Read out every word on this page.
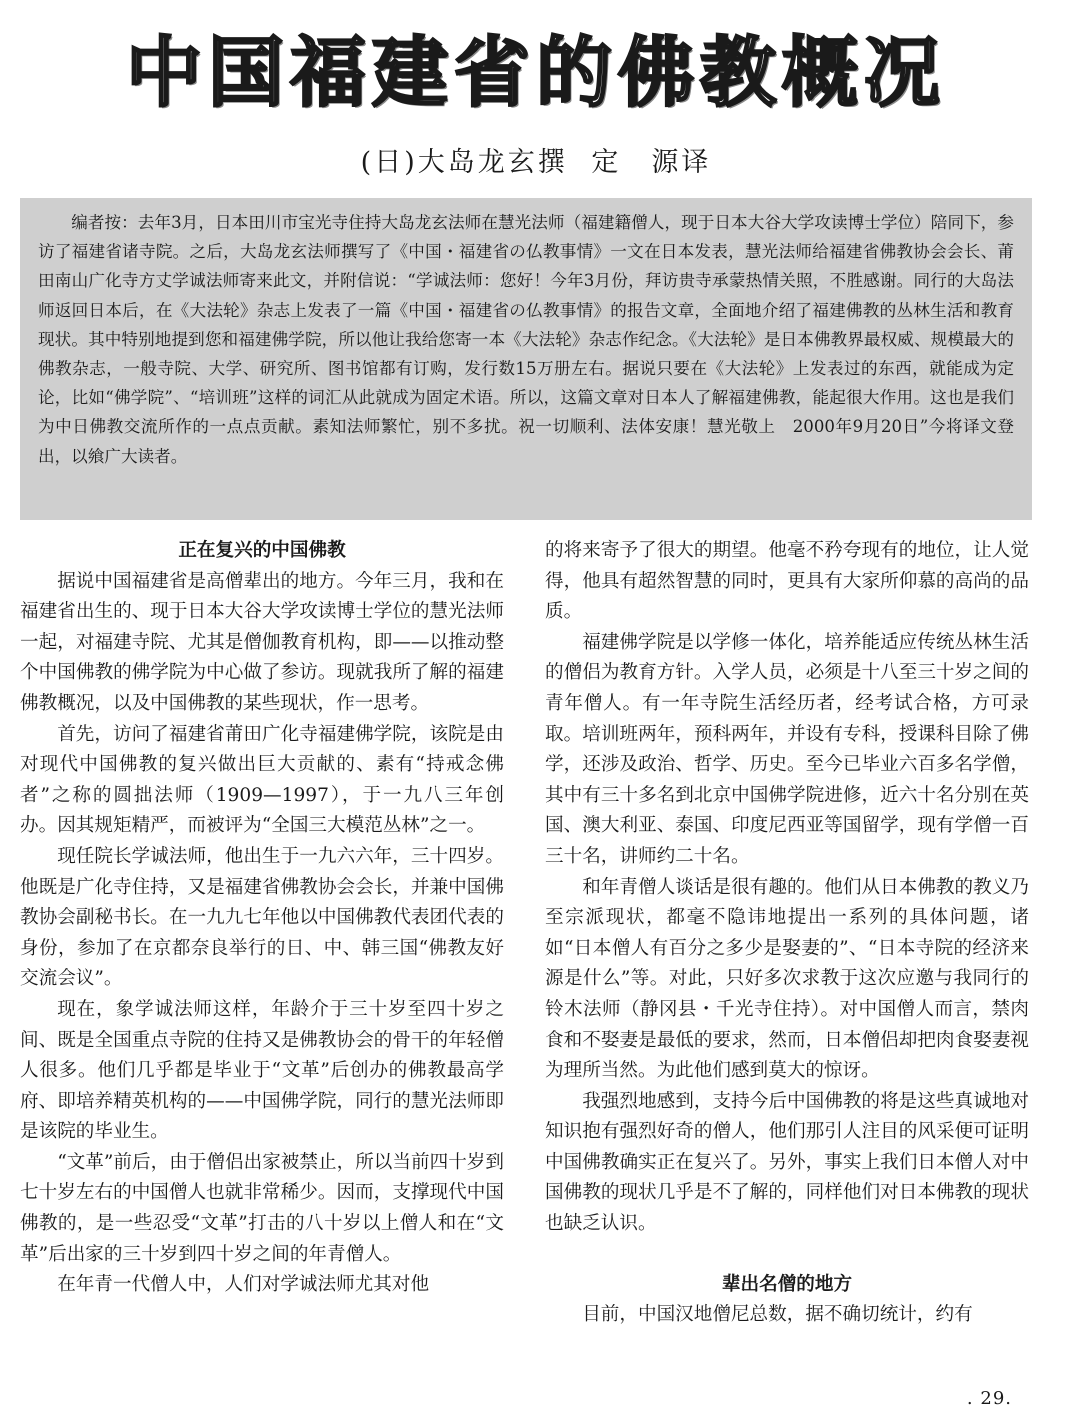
中国福建省的佛教概况
(日)大岛龙玄撰 定　源译
编者按：去年3月，日本田川市宝光寺住持大岛龙玄法师在慧光法师（福建籍僧人，现于日本大谷大学攻读博士学位）陪同下，参访了福建省诸寺院。之后，大岛龙玄法师撰写了《中国・福建省の仏教事情》一文在日本发表，慧光法师给福建省佛教协会会长、莆田南山广化寺方丈学诚法师寄来此文，并附信说：“学诚法师：您好！今年3月份，拜访贵寺承蒙热情关照，不胜感谢。同行的大岛法师返回日本后，在《大法轮》杂志上发表了一篇《中国・福建省の仏教事情》的报告文章，全面地介绍了福建佛教的丛林生活和教育现状。其中特别地提到您和福建佛学院，所以他让我给您寄一本《大法轮》杂志作纪念。《大法轮》是日本佛教界最权威、规模最大的佛教杂志，一般寺院、大学、研究所、图书馆都有订购，发行数15万册左右。据说只要在《大法轮》上发表过的东西，就能成为定论，比如“佛学院”、“培训班”这样的词汇从此就成为固定术语。所以，这篇文章对日本人了解福建佛教，能起很大作用。这也是我们为中日佛教交流所作的一点点贡献。素知法师繁忙，别不多扰。祝一切顺利、法体安康！慧光敬上　2000年9月20日”今将译文登出，以飨广大读者。
正在复兴的中国佛教

据说中国福建省是高僧辈出的地方。今年三月，我和在福建省出生的、现于日本大谷大学攻读博士学位的慧光法师一起，对福建寺院、尤其是僧伽教育机构，即——以推动整个中国佛教的佛学院为中心做了参访。现就我所了解的福建佛教概况，以及中国佛教的某些现状，作一思考。

首先，访问了福建省莆田广化寺福建佛学院，该院是由对现代中国佛教的复兴做出巨大贡献的、素有“持戒念佛者”之称的圆拙法师（1909—1997），于一九八三年创办。因其规矩精严，而被评为“全国三大模范丛林”之一。

现任院长学诚法师，他出生于一九六六年，三十四岁。他既是广化寺住持，又是福建省佛教协会会长，并兼中国佛教协会副秘书长。在一九九七年他以中国佛教代表团代表的身份，参加了在京都奈良举行的日、中、韩三国“佛教友好交流会议”。

现在，象学诚法师这样，年龄介于三十岁至四十岁之间、既是全国重点寺院的住持又是佛教协会的骨干的年轻僧人很多。他们几乎都是毕业于“文革”后创办的佛教最高学府、即培养精英机构的——中国佛学院，同行的慧光法师即是该院的毕业生。

“文革”前后，由于僧侣出家被禁止，所以当前四十岁到七十岁左右的中国僧人也就非常稀少。因而，支撑现代中国佛教的，是一些忍受“文革”打击的八十岁以上僧人和在“文革”后出家的三十岁到四十岁之间的年青僧人。

在年青一代僧人中，人们对学诚法师尤其对他

的将来寄予了很大的期望。他毫不矜夸现有的地位，让人觉得，他具有超然智慧的同时，更具有大家所仰慕的高尚的品质。

福建佛学院是以学修一体化，培养能适应传统丛林生活的僧侣为教育方针。入学人员，必须是十八至三十岁之间的青年僧人。有一年寺院生活经历者，经考试合格，方可录取。培训班两年，预科两年，并设有专科，授课科目除了佛学，还涉及政治、哲学、历史。至今已毕业六百多名学僧，其中有三十多名到北京中国佛学院进修，近六十名分别在英国、澳大利亚、泰国、印度尼西亚等国留学，现有学僧一百三十名，讲师约二十名。

和年青僧人谈话是很有趣的。他们从日本佛教的教义乃至宗派现状，都毫不隐讳地提出一系列的具体问题，诸如“日本僧人有百分之多少是娶妻的”、“日本寺院的经济来源是什么”等。对此，只好多次求教于这次应邀与我同行的铃木法师（静冈县・千光寺住持）。对中国僧人而言，禁肉食和不娶妻是最低的要求，然而，日本僧侣却把肉食娶妻视为理所当然。为此他们感到莫大的惊讶。

我强烈地感到，支持今后中国佛教的将是这些真诚地对知识抱有强烈好奇的僧人，他们那引人注目的风采便可证明中国佛教确实正在复兴了。另外，事实上我们日本僧人对中国佛教的现状几乎是不了解的，同样他们对日本佛教的现状也缺乏认识。

辈出名僧的地方

目前，中国汉地僧尼总数，据不确切统计，约有

. 29.
